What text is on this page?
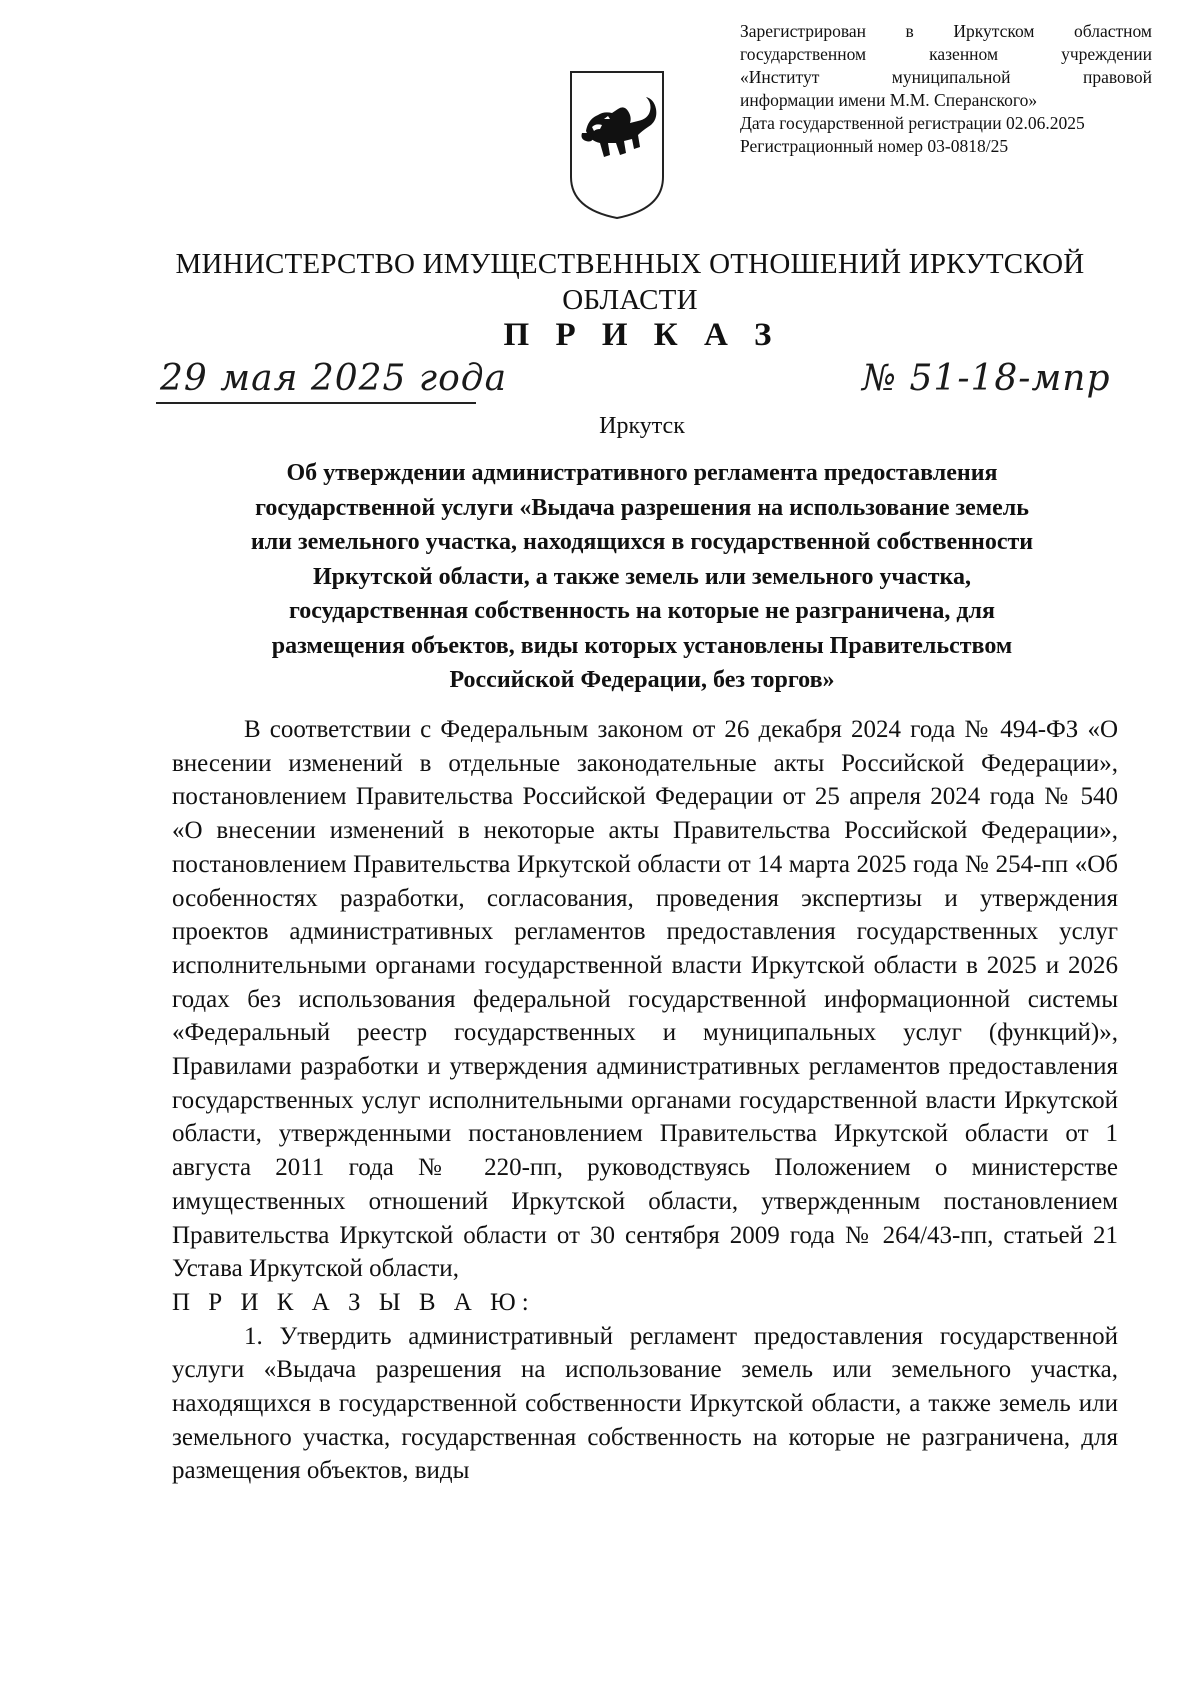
Зарегистрирован в Иркутском областном
государственном казенном учреждении
«Институт муниципальной правовой
информации имени М.М. Сперанского»
Дата государственной регистрации 02.06.2025
Регистрационный номер 03-0818/25
МИНИСТЕРСТВО ИМУЩЕСТВЕННЫХ ОТНОШЕНИЙ ИРКУТСКОЙ
ОБЛАСТИ
П Р И К А З
29 мая 2025 года	№ 51-18-мпр
Иркутск
Об утверждении административного регламента предоставления
государственной услуги «Выдача разрешения на использование земель
или земельного участка, находящихся в государственной собственности
Иркутской области, а также земель или земельного участка,
государственная собственность на которые не разграничена, для
размещения объектов, виды которых установлены Правительством
Российской Федерации, без торгов»

В соответствии с Федеральным законом от 26 декабря 2024 года № 494-ФЗ «О внесении изменений в отдельные законодательные акты Российской Федерации», постановлением Правительства Российской Федерации от 25 апреля 2024 года № 540 «О внесении изменений в некоторые акты Правительства Российской Федерации», постановлением Правительства Иркутской области от 14 марта 2025 года № 254-пп «Об особенностях разработки, согласования, проведения экспертизы и утверждения проектов административных регламентов предоставления государственных услуг исполнительными органами государственной власти Иркутской области в 2025 и 2026 годах без использования федеральной государственной информационной системы «Федеральный реестр государственных и муниципальных услуг (функций)», Правилами разработки и утверждения административных регламентов предоставления государственных услуг исполнительными органами государственной власти Иркутской области, утвержденными постановлением Правительства Иркутской области от 1 августа 2011 года № 220-пп, руководствуясь Положением о министерстве имущественных отношений Иркутской области, утвержденным постановлением Правительства Иркутской области от 30 сентября 2009 года № 264/43-пп, статьей 21 Устава Иркутской области,

П Р И К А З Ы В А Ю:

1. Утвердить административный регламент предоставления государственной услуги «Выдача разрешения на использование земель или земельного участка, находящихся в государственной собственности Иркутской области, а также земель или земельного участка, государственная собственность на которые не разграничена, для размещения объектов, виды
